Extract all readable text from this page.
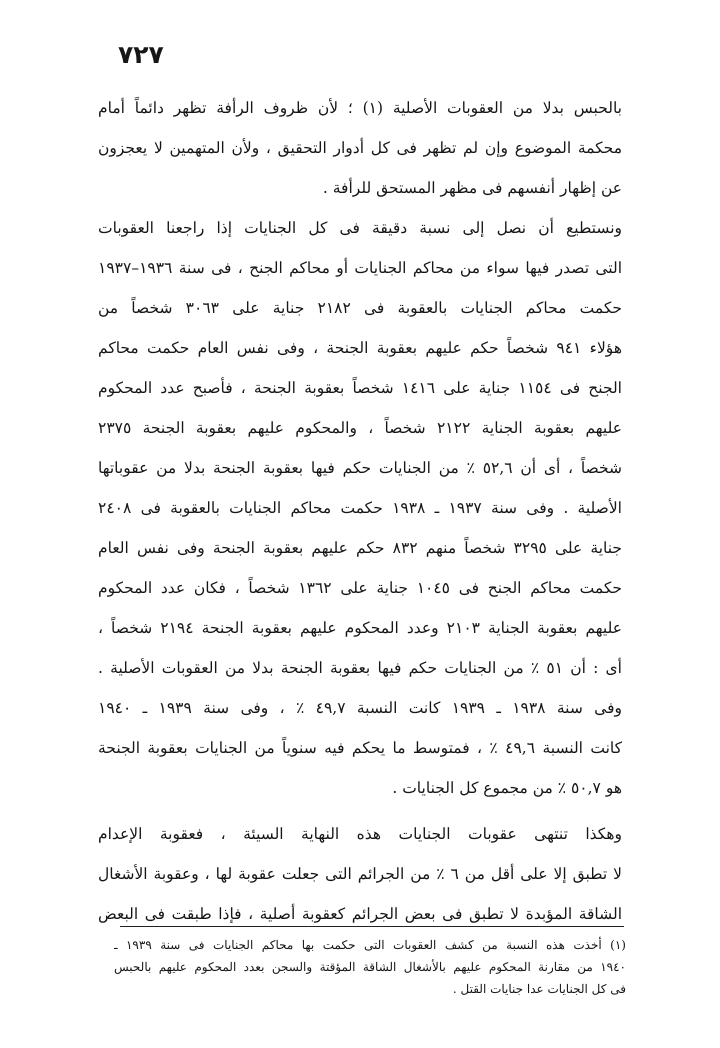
٧٢٧
بالحبس بدلا من العقوبات الأصلية (١) ؛ لأن ظروف الرأفة تظهر دائماً أمام
محكمة الموضوع وإن لم تظهر فى كل أدوار التحقيق ، ولأن المتهمين لا يعجزون
عن إظهار أنفسهم فى مظهر المستحق للرأفة .
ونستطيع أن نصل إلى نسبة دقيقة فى كل الجنايات إذا راجعنا العقوبات
التى تصدر فيها سواء من محاكم الجنايات أو محاكم الجنح ، فى سنة ١٩٣٦–١٩٣٧
حكمت محاكم الجنايات بالعقوبة فى ٢١٨٢ جناية على ٣٠٦٣ شخصاً من
هؤلاء ٩٤١ شخصاً حكم عليهم بعقوبة الجنحة ، وفى نفس العام حكمت محاكم
الجنح فى ١١٥٤ جناية على ١٤١٦ شخصاً بعقوبة الجنحة ، فأصبح عدد المحكوم
عليهم بعقوبة الجناية ٢١٢٢ شخصاً ، والمحكوم عليهم بعقوبة الجنحة ٢٣٧٥
شخصاً ، أى أن ٥٢,٦ ٪ من الجنايات حكم فيها بعقوبة الجنحة بدلا من عقوباتها
الأصلية . وفى سنة ١٩٣٧ ـ ١٩٣٨ حكمت محاكم الجنايات بالعقوبة فى ٢٤٠٨
جناية على ٣٢٩٥ شخصاً منهم ٨٣٢ حكم عليهم بعقوبة الجنحة وفى نفس العام
حكمت محاكم الجنح فى ١٠٤٥ جناية على ١٣٦٢ شخصاً ، فكان عدد المحكوم
عليهم بعقوبة الجناية ٢١٠٣ وعدد المحكوم عليهم بعقوبة الجنحة ٢١٩٤ شخصاً ،
أى : أن ٥١ ٪ من الجنايات حكم فيها بعقوبة الجنحة بدلا من العقوبات الأصلية .
وفى سنة ١٩٣٨ ـ ١٩٣٩ كانت النسبة ٤٩,٧ ٪ ، وفى سنة ١٩٣٩ ـ ١٩٤٠
كانت النسبة ٤٩,٦ ٪ ، فمتوسط ما يحكم فيه سنوياً من الجنايات بعقوبة الجنحة
هو ٥٠,٧ ٪ من مجموع كل الجنايات .
وهكذا تنتهى عقوبات الجنايات هذه النهاية السيئة ، فعقوبة الإعدام
لا تطبق إلا على أقل من ٦ ٪ من الجرائم التى جعلت عقوبة لها ، وعقوبة الأشغال
الشاقة المؤبدة لا تطبق فى بعض الجرائم كعقوبة أصلية ، فإذا طبقت فى البعض
(١) أخذت هذه النسبة من كشف العقوبات التى حكمت بها محاكم الجنايات فى سنة ١٩٣٩ ـ
١٩٤٠ من مقارنة المحكوم عليهم بالأشغال الشاقة المؤقتة والسجن بعدد المحكوم عليهم بالحبس
فى كل الجنايات عدا جنايات القتل .
